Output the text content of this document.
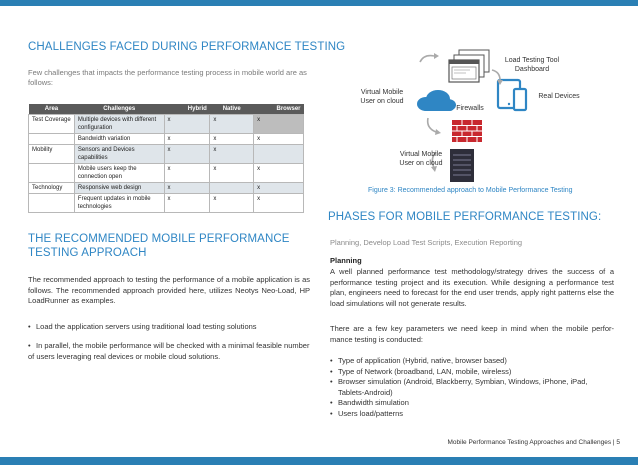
CHALLENGES FACED DURING PERFORMANCE TESTING
Few challenges that impacts the performance testing process in mobile world are as follows:
Area	Challenges	Hybrid	Native	Browser
Test Coverage	Multiple devices with different configuration	x	x	x
	Bandwidth variation	x	x	x
Mobility	Sensors and Devices capabilities	x	x	
	Mobile users keep the connection open	x	x	x
Technology	Responsive web design	x		x
	Frequent updates in mobile technologies	x	x	x
THE RECOMMENDED MOBILE PERFORMANCE
TESTING APPROACH
The recommended approach to testing the performance of a mobile application is as follows. The recommended approach provided here, utilizes Neotys Neo-Load, HP LoadRunner as examples.
• Load the application servers using traditional load testing solutions
• In parallel, the mobile performance will be checked with a minimal feasible number of users leveraging real devices or mobile cloud solutions.
Load Testing Tool
Dashboard
Real Devices
Virtual Mobile
User on cloud
Firewalls
Virtual Mobile
User on cloud
Figure 3: Recommended approach to Mobile Performance Testing
PHASES FOR MOBILE PERFORMANCE TESTING:
Planning, Develop Load Test Scripts, Execution Reporting
Planning
A well planned performance test methodology/strategy drives the success of a performance testing project and its execution. While designing a performance test plan, engineers need to forecast for the end user trends, apply right patterns else the load simulations will not generate results.
There are a few key parameters we need keep in mind when the mobile perfor-mance testing is conducted:
• Type of application (Hybrid, native, browser based)
• Type of Network (broadband, LAN, mobile, wireless)
• Browser simulation (Android, Blackberry, Symbian, Windows, iPhone, iPad, Tablets-Android)
• Bandwidth simulation
• Users load/patterns
Mobile Performance Testing Approaches and Challenges | 5
